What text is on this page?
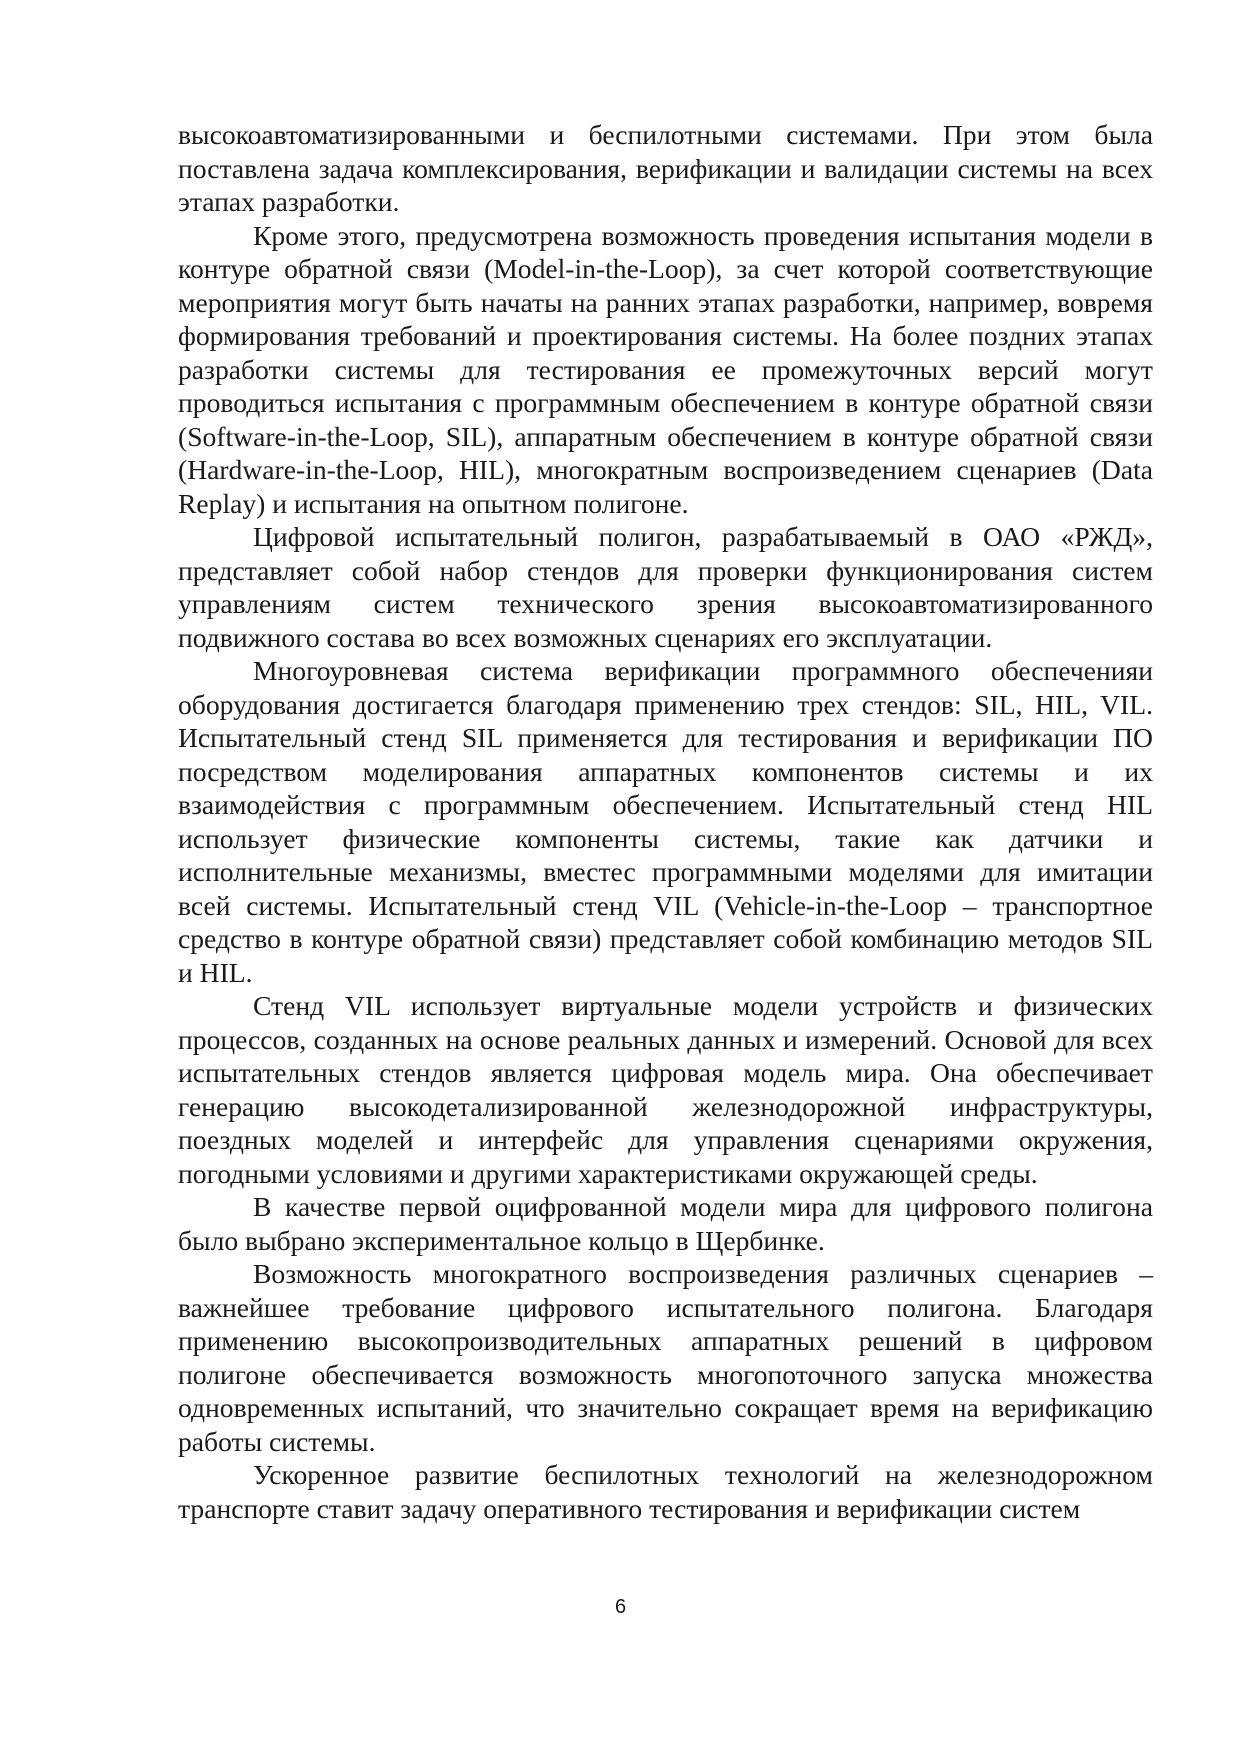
высокоавтоматизированными и беспилотными системами. При этом была поставлена задача комплексирования, верификации и валидации системы на всех этапах разработки.

Кроме этого, предусмотрена возможность проведения испытания модели в контуре обратной связи (Model-in-the-Loop), за счет которой соответствующие мероприятия могут быть начаты на ранних этапах разработки, например, вовремя формирования требований и проектирования системы. На более поздних этапах разработки системы для тестирования ее промежуточных версий могут проводиться испытания с программным обеспечением в контуре обратной связи (Software-in-the-Loop, SIL), аппаратным обеспечением в контуре обратной связи (Hardware-in-the-Loop, HIL), многократным воспроизведением сценариев (Data Replay) и испытания на опытном полигоне.

Цифровой испытательный полигон, разрабатываемый в ОАО «РЖД», представляет собой набор стендов для проверки функционирования систем управлениям систем технического зрения высокоавтоматизированного подвижного состава во всех возможных сценариях его эксплуатации.

Многоуровневая система верификации программного обеспеченияи оборудования достигается благодаря применению трех стендов: SIL, HIL, VIL. Испытательный стенд SIL применяется для тестирования и верификации ПО посредством моделирования аппаратных компонентов системы и их взаимодействия с программным обеспечением. Испытательный стенд HIL использует физические компоненты системы, такие как датчики и исполнительные механизмы, вместес программными моделями для имитации всей системы. Испытательный стенд VIL (Vehicle-in-the-Loop – транспортное средство в контуре обратной связи) представляет собой комбинацию методов SIL и HIL.

Стенд VIL использует виртуальные модели устройств и физических процессов, созданных на основе реальных данных и измерений. Основой для всех испытательных стендов является цифровая модель мира. Она обеспечивает генерацию высокодетализированной железнодорожной инфраструктуры, поездных моделей и интерфейс для управления сценариями окружения, погодными условиями и другими характеристиками окружающей среды.

В качестве первой оцифрованной модели мира для цифрового полигона было выбрано экспериментальное кольцо в Щербинке.

Возможность многократного воспроизведения различных сценариев – важнейшее требование цифрового испытательного полигона. Благодаря применению высокопроизводительных аппаратных решений в цифровом полигоне обеспечивается возможность многопоточного запуска множества одновременных испытаний, что значительно сокращает время на верификацию работы системы.

Ускоренное развитие беспилотных технологий на железнодорожном транспорте ставит задачу оперативного тестирования и верификации систем

6
